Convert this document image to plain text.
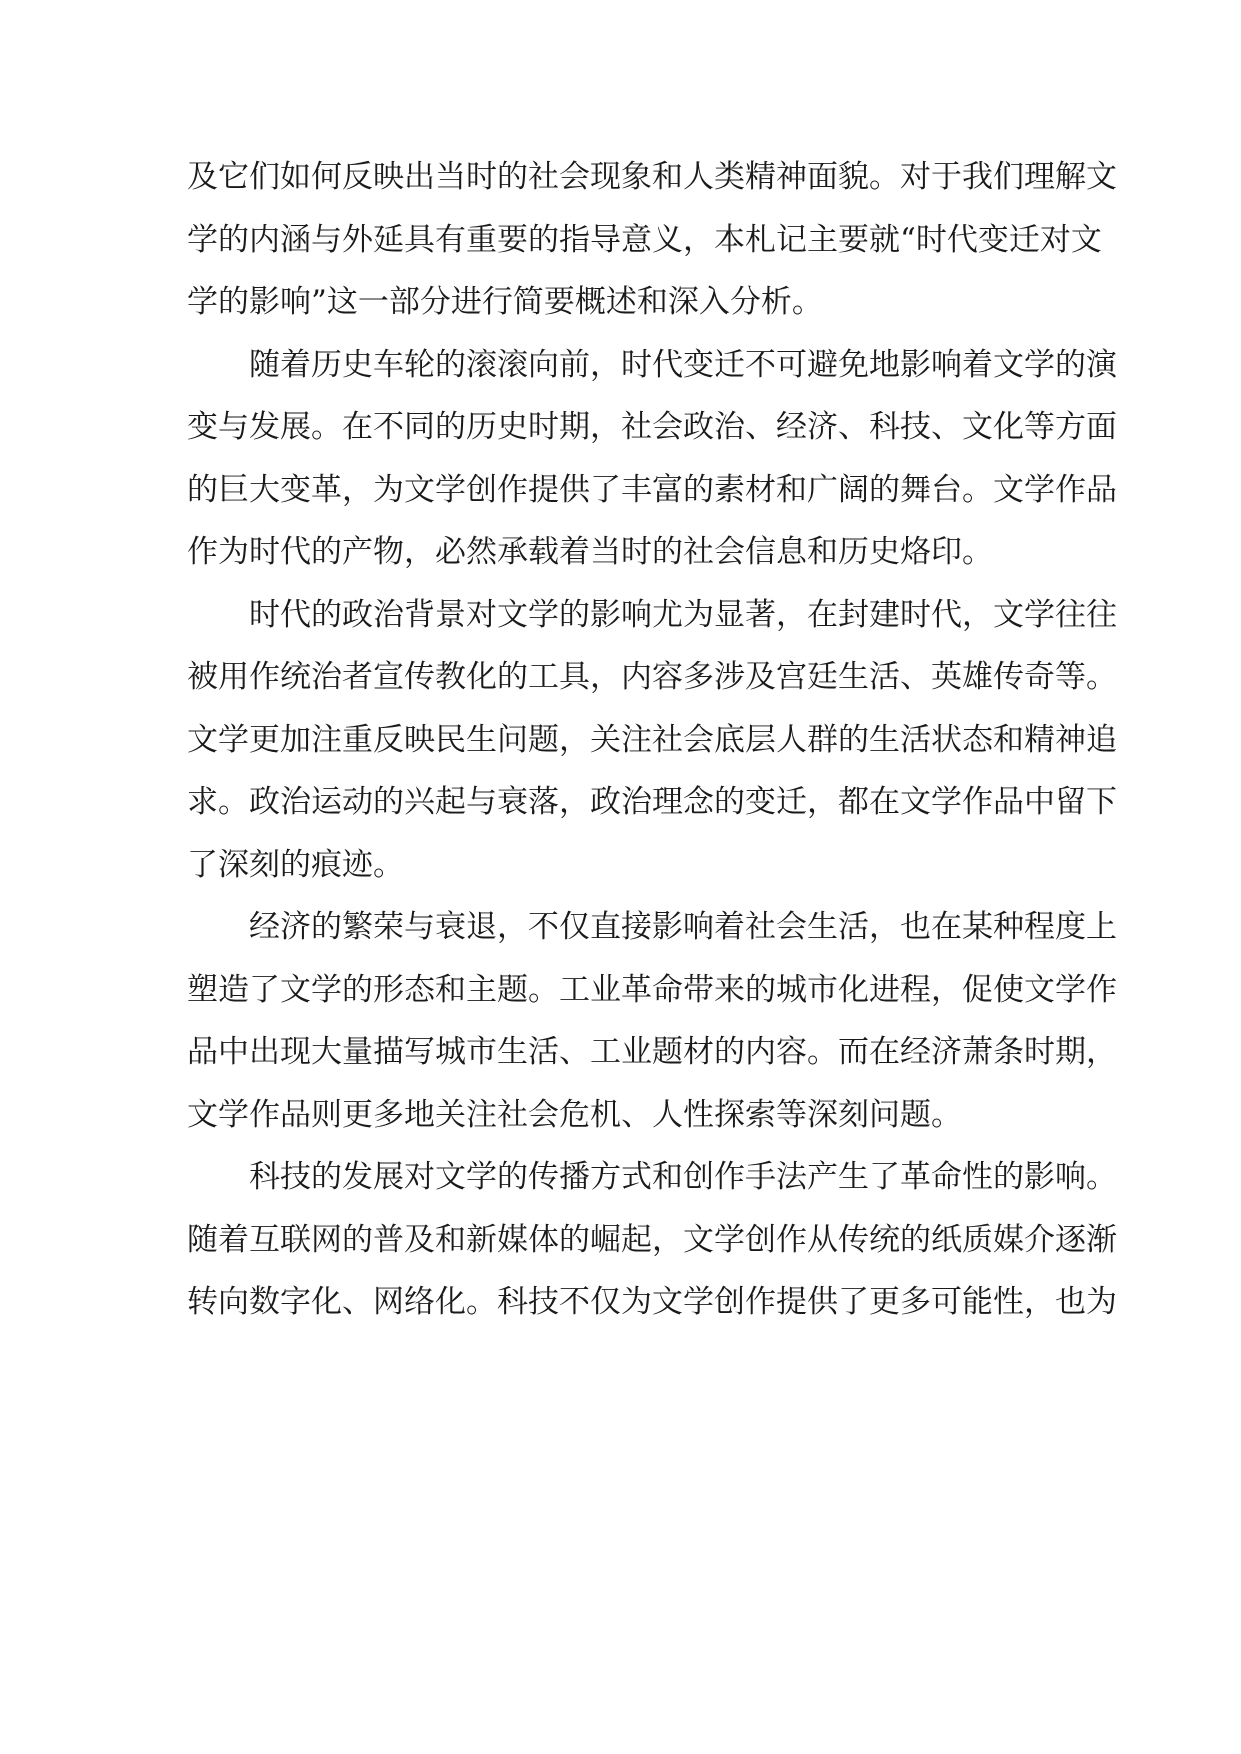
及它们如何反映出当时的社会现象和人类精神面貌。对于我们理解文
学的内涵与外延具有重要的指导意义，本札记主要就“时代变迁对文
学的影响”这一部分进行简要概述和深入分析。
随着历史车轮的滚滚向前，时代变迁不可避免地影响着文学的演
变与发展。在不同的历史时期，社会政治、经济、科技、文化等方面
的巨大变革，为文学创作提供了丰富的素材和广阔的舞台。文学作品
作为时代的产物，必然承载着当时的社会信息和历史烙印。
时代的政治背景对文学的影响尤为显著，在封建时代，文学往往
被用作统治者宣传教化的工具，内容多涉及宫廷生活、英雄传奇等。
文学更加注重反映民生问题，关注社会底层人群的生活状态和精神追
求。政治运动的兴起与衰落，政治理念的变迁，都在文学作品中留下
了深刻的痕迹。
经济的繁荣与衰退，不仅直接影响着社会生活，也在某种程度上
塑造了文学的形态和主题。工业革命带来的城市化进程，促使文学作
品中出现大量描写城市生活、工业题材的内容。而在经济萧条时期，
文学作品则更多地关注社会危机、人性探索等深刻问题。
科技的发展对文学的传播方式和创作手法产生了革命性的影响。
随着互联网的普及和新媒体的崛起，文学创作从传统的纸质媒介逐渐
转向数字化、网络化。科技不仅为文学创作提供了更多可能性，也为
